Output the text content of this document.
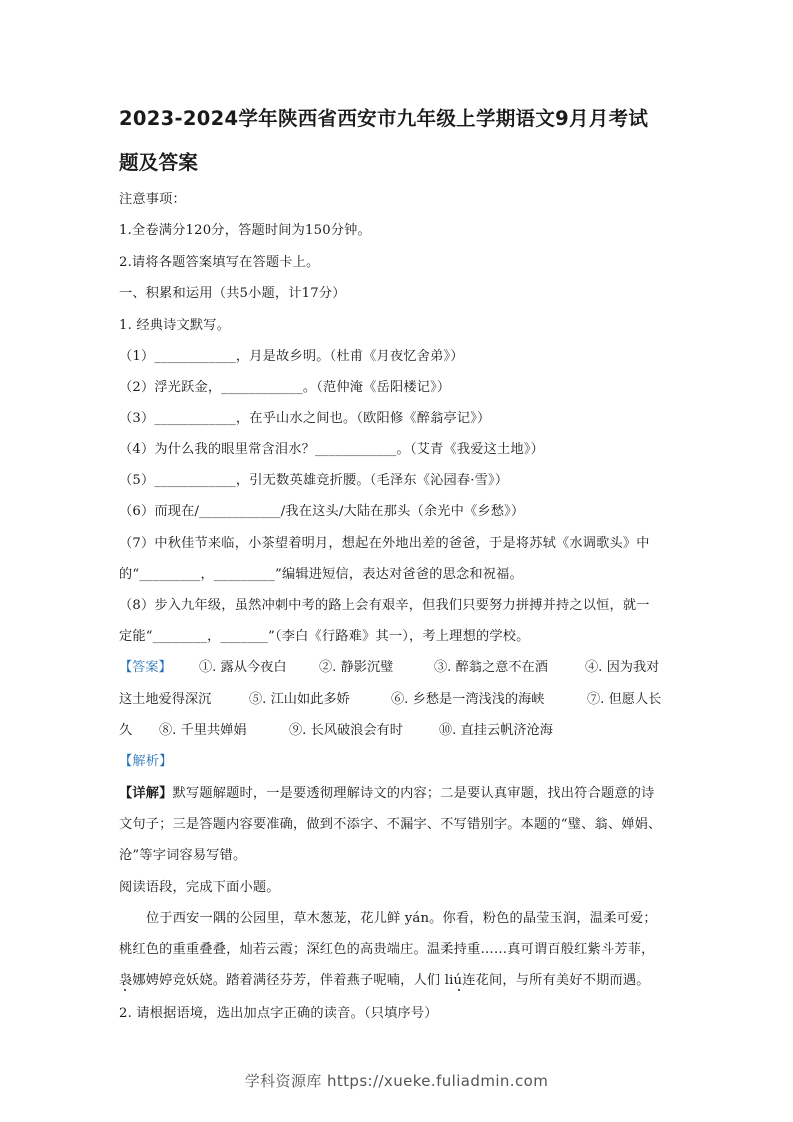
2023-2024学年陕西省西安市九年级上学期语文9月月考试
题及答案
注意事项：
1.全卷满分120分，答题时间为150分钟。
2.请将各题答案填写在答题卡上。
一、积累和运用（共5小题，计17分）
1. 经典诗文默写。
（1）____________，月是故乡明。（杜甫《月夜忆舍弟》）
（2）浮光跃金，____________。（范仲淹《岳阳楼记》）
（3）____________，在乎山水之间也。（欧阳修《醉翁亭记》）
（4）为什么我的眼里常含泪水？____________。（艾青《我爱这土地》）
（5）____________，引无数英雄竞折腰。（毛泽东《沁园春·雪》）
（6）而现在/____________/我在这头/大陆在那头（余光中《乡愁》）
（7）中秋佳节来临，小茶望着明月，想起在外地出差的爸爸，于是将苏轼《水调歌头》中
的“_________，_________”编辑进短信，表达对爸爸的思念和祝福。
（8）步入九年级，虽然冲刺中考的路上会有艰辛，但我们只要努力拼搏并持之以恒，就一
定能“________，_______”（李白《行路难》其一），考上理想的学校。
【答案】 ①. 露从今夜白 ②. 静影沉璧	③. 醉翁之意不在酒	④. 因为我对
这土地爱得深沉	⑤. 江山如此多娇	⑥. 乡愁是一湾浅浅的海峡	⑦. 但愿人长
久 ⑧. 千里共婵娟	⑨. 长风破浪会有时	⑩. 直挂云帆济沧海
【解析】
【详解】默写题解题时，一是要透彻理解诗文的内容；二是要认真审题，找出符合题意的诗
文句子；三是答题内容要准确，做到不添字、不漏字、不写错别字。本题的“璧、翁、婵娟、
沧”等字词容易写错。
阅读语段，完成下面小题。
位于西安一隅的公园里，草木葱茏，花儿鲜 yán。你看，粉色的晶莹玉润，温柔可爱；
桃红色的重重叠叠，灿若云霞；深红色的高贵端庄。温柔持重……真可谓百般红紫斗芳菲，
袅娜娉婷竞妖娆。踏着满径芬芳，伴着燕子呢喃，人们 liú连花间，与所有美好不期而遇。
2. 请根据语境，选出加点字正确的读音。（只填序号）
学科资源库 https://xueke.fuliadmin.com
